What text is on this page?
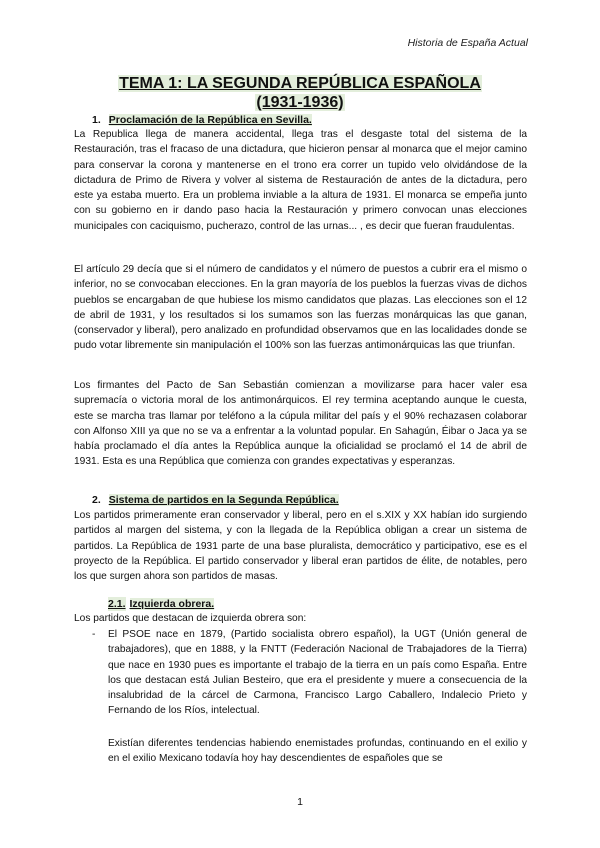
Historia de España Actual
TEMA 1: LA SEGUNDA REPÚBLICA ESPAÑOLA
(1931-1936)
1. Proclamación de la República en Sevilla.

La Republica llega de manera accidental, llega tras el desgaste total del sistema de la Restauración, tras el fracaso de una dictadura, que hicieron pensar al monarca que el mejor camino para conservar la corona y mantenerse en el trono era correr un tupido velo olvidándose de la dictadura de Primo de Rivera y volver al sistema de Restauración de antes de la dictadura, pero este ya estaba muerto. Era un problema inviable a la altura de 1931. El monarca se empeña junto con su gobierno en ir dando paso hacia la Restauración y primero convocan unas elecciones municipales con caciquismo, pucherazo, control de las urnas... , es decir que fueran fraudulentas.

El artículo 29 decía que si el número de candidatos y el número de puestos a cubrir era el mismo o inferior, no se convocaban elecciones. En la gran mayoría de los pueblos la fuerzas vivas de dichos pueblos se encargaban de que hubiese los mismo candidatos que plazas. Las elecciones son el 12 de abril de 1931, y los resultados si los sumamos son las fuerzas monárquicas las que ganan, (conservador y liberal), pero analizado en profundidad observamos que en las localidades donde se pudo votar libremente sin manipulación el 100% son las fuerzas antimonárquicas las que triunfan.

Los firmantes del Pacto de San Sebastián comienzan a movilizarse para hacer valer esa supremacía o victoria moral de los antimonárquicos. El rey termina aceptando aunque le cuesta, este se marcha tras llamar por teléfono a la cúpula militar del país y el 90% rechazasen colaborar con Alfonso XIII ya que no se va a enfrentar a la voluntad popular. En Sahagún, Éibar o Jaca ya se había proclamado el día antes la República aunque la oficialidad se proclamó el 14 de abril de 1931. Esta es una República que comienza con grandes expectativas y esperanzas.

2. Sistema de partidos en la Segunda República.

Los partidos primeramente eran conservador y liberal, pero en el s.XIX y XX habían ido surgiendo partidos al margen del sistema, y con la llegada de la República obligan a crear un sistema de partidos. La República de 1931 parte de una base pluralista, democrático y participativo, ese es el proyecto de la República. El partido conservador y liberal eran partidos de élite, de notables, pero los que surgen ahora son partidos de masas.

2.1. Izquierda obrera.

Los partidos que destacan de izquierda obrera son:

- El PSOE nace en 1879, (Partido socialista obrero español), la UGT (Unión general de trabajadores), que en 1888, y la FNTT (Federación Nacional de Trabajadores de la Tierra) que nace en 1930 pues es importante el trabajo de la tierra en un país como España. Entre los que destacan está Julian Besteiro, que era el presidente y muere a consecuencia de la insalubridad de la cárcel de Carmona, Francisco Largo Caballero, Indalecio Prieto y Fernando de los Ríos, intelectual.

Existían diferentes tendencias habiendo enemistades profundas, continuando en el exilio y en el exilio Mexicano todavía hoy hay descendientes de españoles que se

1
